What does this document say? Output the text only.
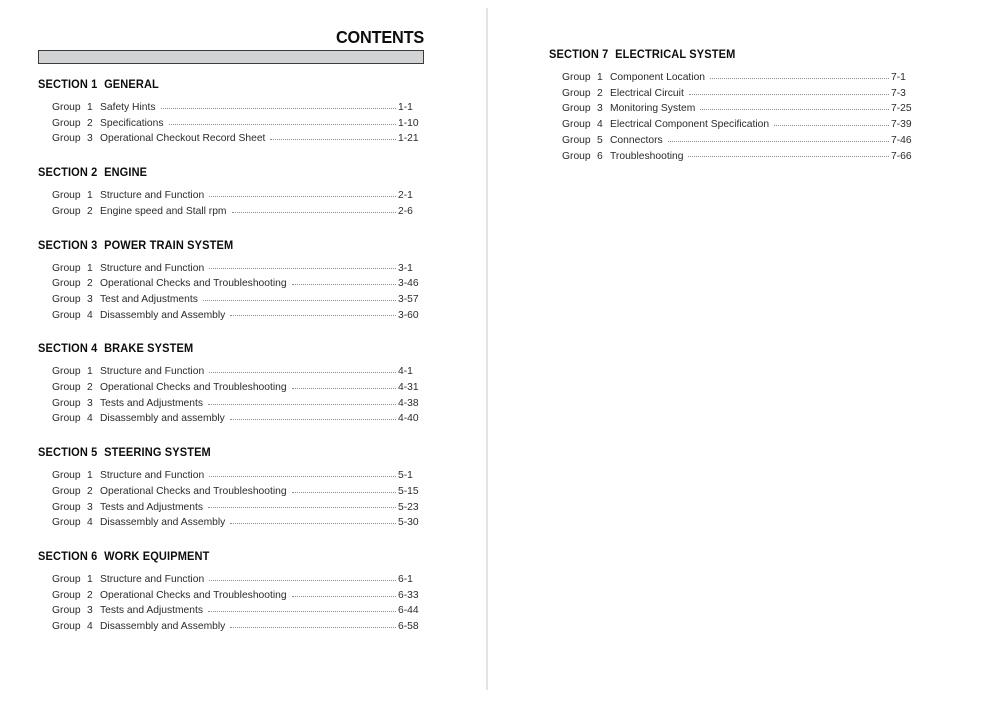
CONTENTS
SECTION 1 GENERAL
Group 1 Safety Hints	1-1
Group 2 Specifications	1-10
Group 3 Operational Checkout Record Sheet	1-21
SECTION 2 ENGINE
Group 1 Structure and Function	2-1
Group 2 Engine speed and Stall rpm	2-6
SECTION 3 POWER TRAIN SYSTEM
Group 1 Structure and Function	3-1
Group 2 Operational Checks and Troubleshooting	3-46
Group 3 Test and Adjustments	3-57
Group 4 Disassembly and Assembly	3-60
SECTION 4 BRAKE SYSTEM
Group 1 Structure and Function	4-1
Group 2 Operational Checks and Troubleshooting	4-31
Group 3 Tests and Adjustments	4-38
Group 4 Disassembly and assembly	4-40
SECTION 5 STEERING SYSTEM
Group 1 Structure and Function	5-1
Group 2 Operational Checks and Troubleshooting	5-15
Group 3 Tests and Adjustments	5-23
Group 4 Disassembly and Assembly	5-30
SECTION 6 WORK EQUIPMENT
Group 1 Structure and Function	6-1
Group 2 Operational Checks and Troubleshooting	6-33
Group 3 Tests and Adjustments	6-44
Group 4 Disassembly and Assembly	6-58
SECTION 7 ELECTRICAL SYSTEM
Group 1 Component Location	7-1
Group 2 Electrical Circuit	7-3
Group 3 Monitoring System	7-25
Group 4 Electrical Component Specification	7-39
Group 5 Connectors	7-46
Group 6 Troubleshooting	7-66
